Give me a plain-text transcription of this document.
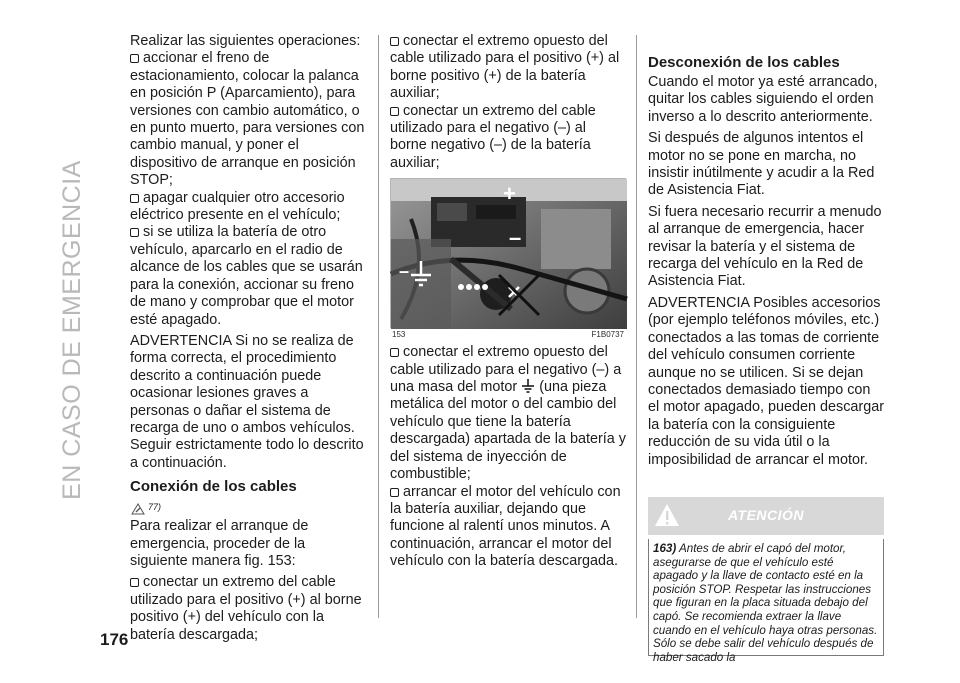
EN CASO DE EMERGENCIA
176

Realizar las siguientes operaciones:

accionar el freno de estacionamiento, colocar la palanca en posición P (Aparcamiento), para versiones con cambio automático, o en punto muerto, para versiones con cambio manual, y poner el dispositivo de arranque en posición STOP;

apagar cualquier otro accesorio eléctrico presente en el vehículo;

si se utiliza la batería de otro vehículo, aparcarlo en el radio de alcance de los cables que se usarán para la conexión, accionar su freno de mano y comprobar que el motor esté apagado.

ADVERTENCIA Si no se realiza de forma correcta, el procedimiento descrito a continuación puede ocasionar lesiones graves a personas o dañar el sistema de recarga de uno o ambos vehículos. Seguir estrictamente todo lo descrito a continuación.

Conexión de los cables
77)

Para realizar el arranque de emergencia, proceder de la siguiente manera fig. 153:

conectar un extremo del cable utilizado para el positivo (+) al borne positivo (+) del vehículo con la batería descargada;

conectar el extremo opuesto del cable utilizado para el positivo (+) al borne positivo (+) de la batería auxiliar;

conectar un extremo del cable utilizado para el negativo (–) al borne negativo (–) de la batería auxiliar;

+
–
–
153	F1B0737

conectar el extremo opuesto del cable utilizado para el negativo (–) a una masa del motor (una pieza metálica del motor o del cambio del vehículo que tiene la batería descargada) apartada de la batería y del sistema de inyección de combustible;

arrancar el motor del vehículo con la batería auxiliar, dejando que funcione al ralentí unos minutos. A continuación, arrancar el motor del vehículo con la batería descargada.

Desconexión de los cables

Cuando el motor ya esté arrancado, quitar los cables siguiendo el orden inverso a lo descrito anteriormente.

Si después de algunos intentos el motor no se pone en marcha, no insistir inútilmente y acudir a la Red de Asistencia Fiat.

Si fuera necesario recurrir a menudo al arranque de emergencia, hacer revisar la batería y el sistema de recarga del vehículo en la Red de Asistencia Fiat.

ADVERTENCIA Posibles accesorios (por ejemplo teléfonos móviles, etc.) conectados a las tomas de corriente del vehículo consumen corriente aunque no se utilicen. Si se dejan conectados demasiado tiempo con el motor apagado, pueden descargar la batería con la consiguiente reducción de su vida útil o la imposibilidad de arrancar el motor.

ATENCIÓN
163) Antes de abrir el capó del motor, asegurarse de que el vehículo esté apagado y la llave de contacto esté en la posición STOP. Respetar las instrucciones que figuran en la placa situada debajo del capó. Se recomienda extraer la llave cuando en el vehículo haya otras personas. Sólo se debe salir del vehículo después de haber sacado la
